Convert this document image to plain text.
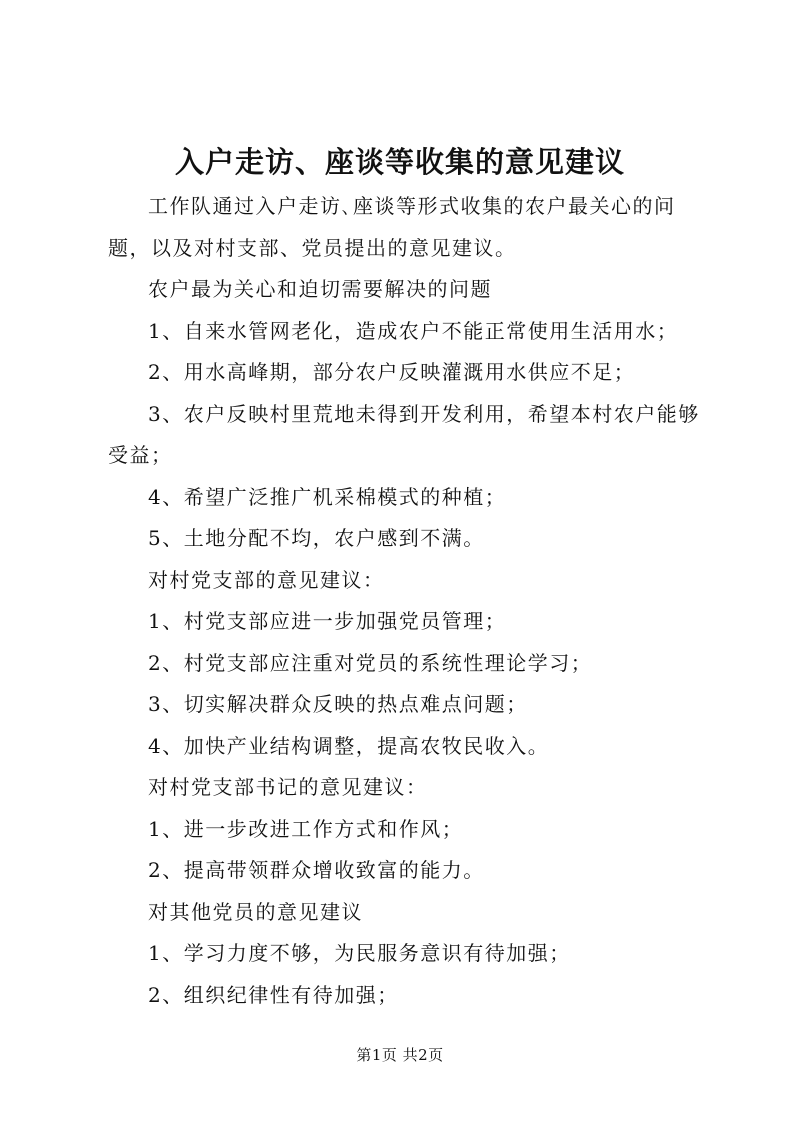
入户走访、座谈等收集的意见建议

工作队通过入户走访､座谈等形式收集的农户最关心的问题，以及对村支部、党员提出的意见建议。

农户最为关心和迫切需要解决的问题

1、自来水管网老化，造成农户不能正常使用生活用水；

2、用水高峰期，部分农户反映灌溉用水供应不足；

3、农户反映村里荒地未得到开发利用，希望本村农户能够受益；

4、希望广泛推广机采棉模式的种植；

5、土地分配不均，农户感到不满。

对村党支部的意见建议：

1、村党支部应进一步加强党员管理；

2、村党支部应注重对党员的系统性理论学习；

3、切实解决群众反映的热点难点问题；

4、加快产业结构调整，提高农牧民收入。

对村党支部书记的意见建议：

1、进一步改进工作方式和作风；

2、提高带领群众增收致富的能力。

对其他党员的意见建议

1、学习力度不够，为民服务意识有待加强；

2、组织纪律性有待加强；

第1页 共2页
